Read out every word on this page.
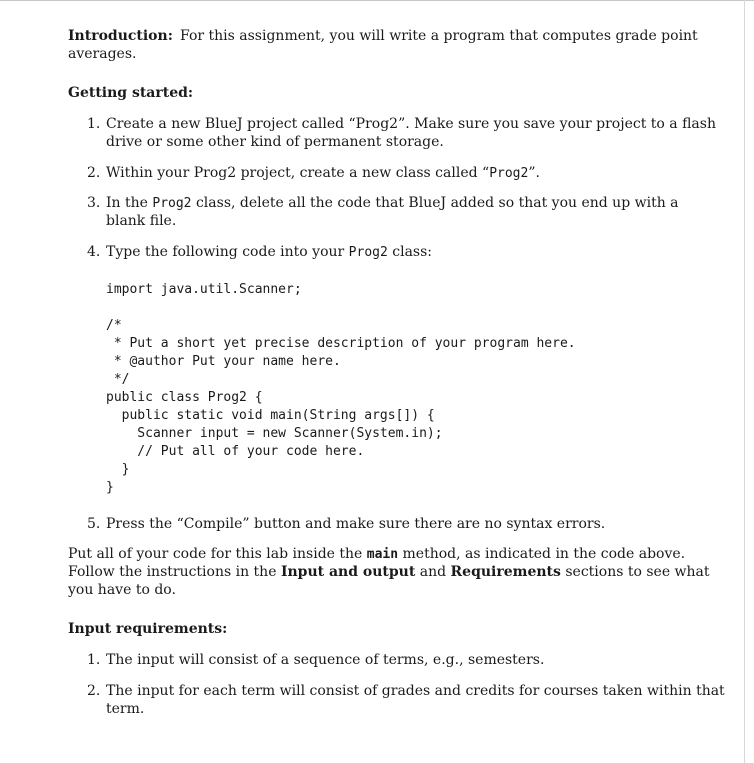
Introduction: For this assignment, you will write a program that computes grade point
averages.
Getting started:
1. Create a new BlueJ project called “Prog2”. Make sure you save your project to a flash
drive or some other kind of permanent storage.
2. Within your Prog2 project, create a new class called “Prog2”.
3. In the Prog2 class, delete all the code that BlueJ added so that you end up with a
blank file.
4. Type the following code into your Prog2 class:
import java.util.Scanner;
/*
* Put a short yet precise description of your program here.
* @author Put your name here.
*/
public class Prog2 {
public static void main(String args[]) {
Scanner input = new Scanner(System.in);
// Put all of your code here.
}
}
5. Press the “Compile” button and make sure there are no syntax errors.
Put all of your code for this lab inside the main method, as indicated in the code above.
Follow the instructions in the Input and output and Requirements sections to see what
you have to do.
Input requirements:
1. The input will consist of a sequence of terms, e.g., semesters.
2. The input for each term will consist of grades and credits for courses taken within that
term.
